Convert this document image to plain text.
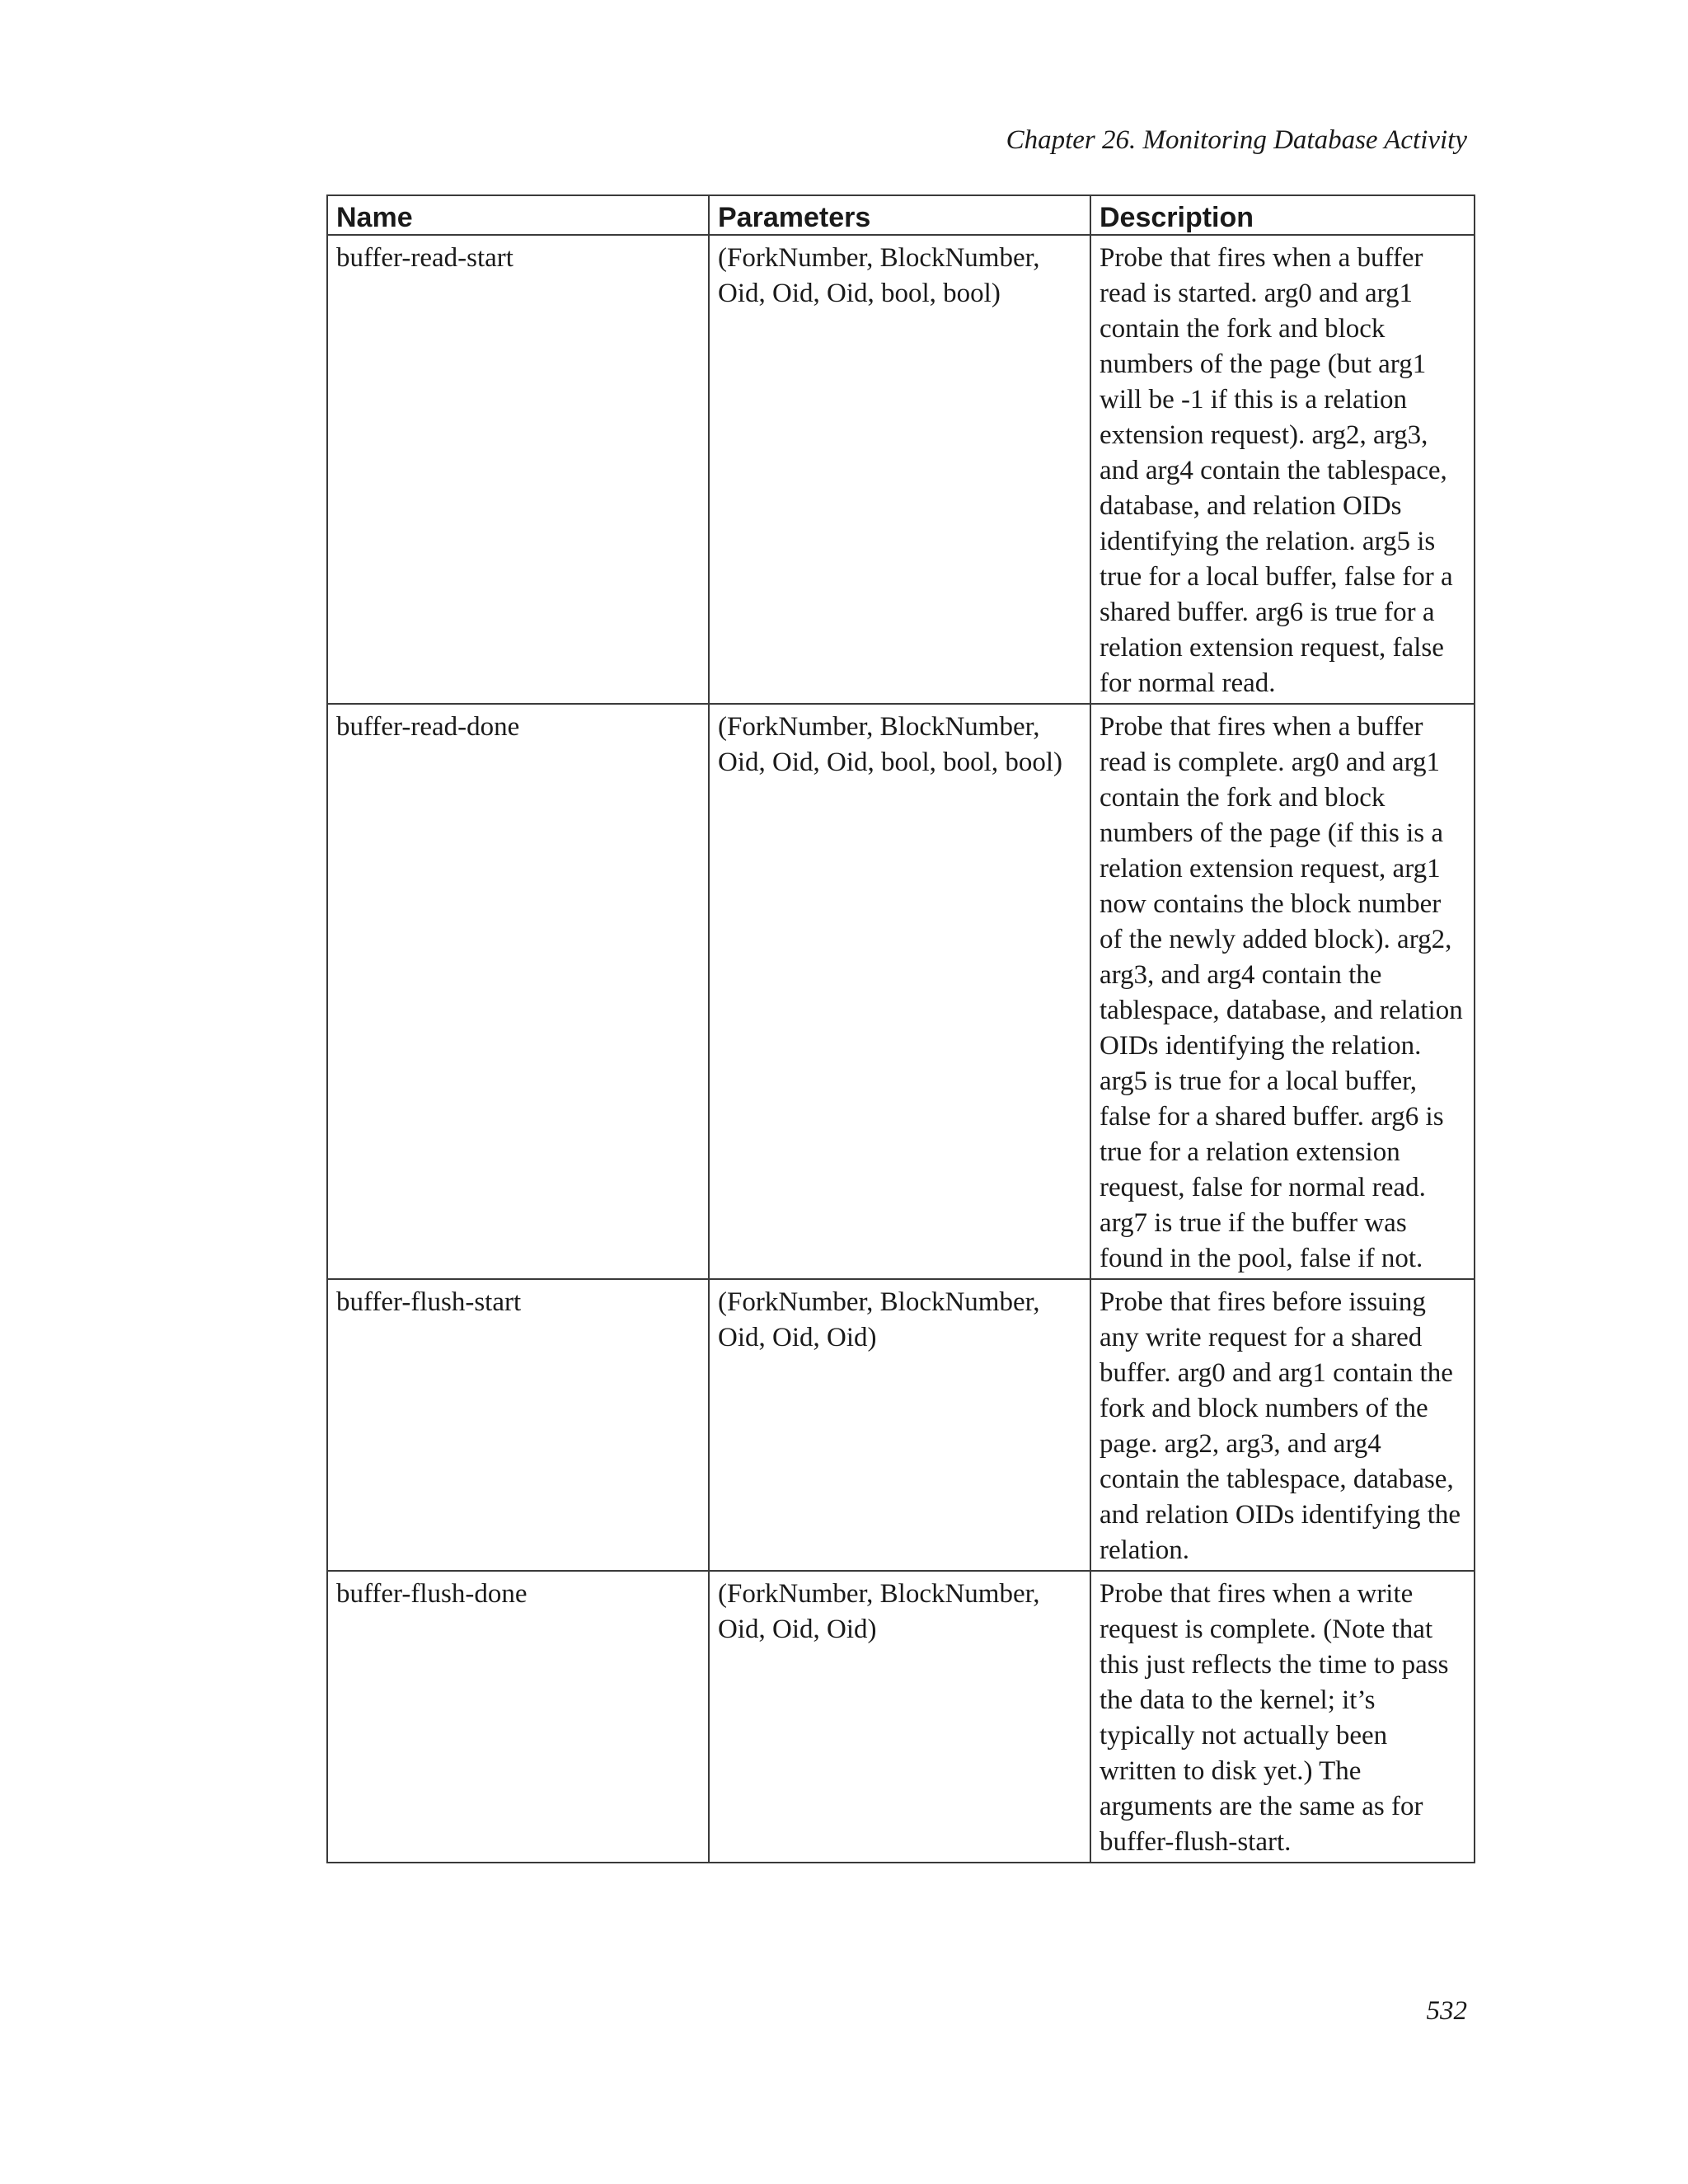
Chapter 26. Monitoring Database Activity
Name	Parameters	Description
buffer-read-start	(ForkNumber, BlockNumber, Oid, Oid, Oid, bool, bool)	Probe that fires when a buffer read is started. arg0 and arg1 contain the fork and block numbers of the page (but arg1 will be -1 if this is a relation extension request). arg2, arg3, and arg4 contain the tablespace, database, and relation OIDs identifying the relation. arg5 is true for a local buffer, false for a shared buffer. arg6 is true for a relation extension request, false for normal read.
buffer-read-done	(ForkNumber, BlockNumber, Oid, Oid, Oid, bool, bool, bool)	Probe that fires when a buffer read is complete. arg0 and arg1 contain the fork and block numbers of the page (if this is a relation extension request, arg1 now contains the block number of the newly added block). arg2, arg3, and arg4 contain the tablespace, database, and relation OIDs identifying the relation. arg5 is true for a local buffer, false for a shared buffer. arg6 is true for a relation extension request, false for normal read. arg7 is true if the buffer was found in the pool, false if not.
buffer-flush-start	(ForkNumber, BlockNumber, Oid, Oid, Oid)	Probe that fires before issuing any write request for a shared buffer. arg0 and arg1 contain the fork and block numbers of the page. arg2, arg3, and arg4 contain the tablespace, database, and relation OIDs identifying the relation.
buffer-flush-done	(ForkNumber, BlockNumber, Oid, Oid, Oid)	Probe that fires when a write request is complete. (Note that this just reflects the time to pass the data to the kernel; it’s typically not actually been written to disk yet.) The arguments are the same as for buffer-flush-start.
532
